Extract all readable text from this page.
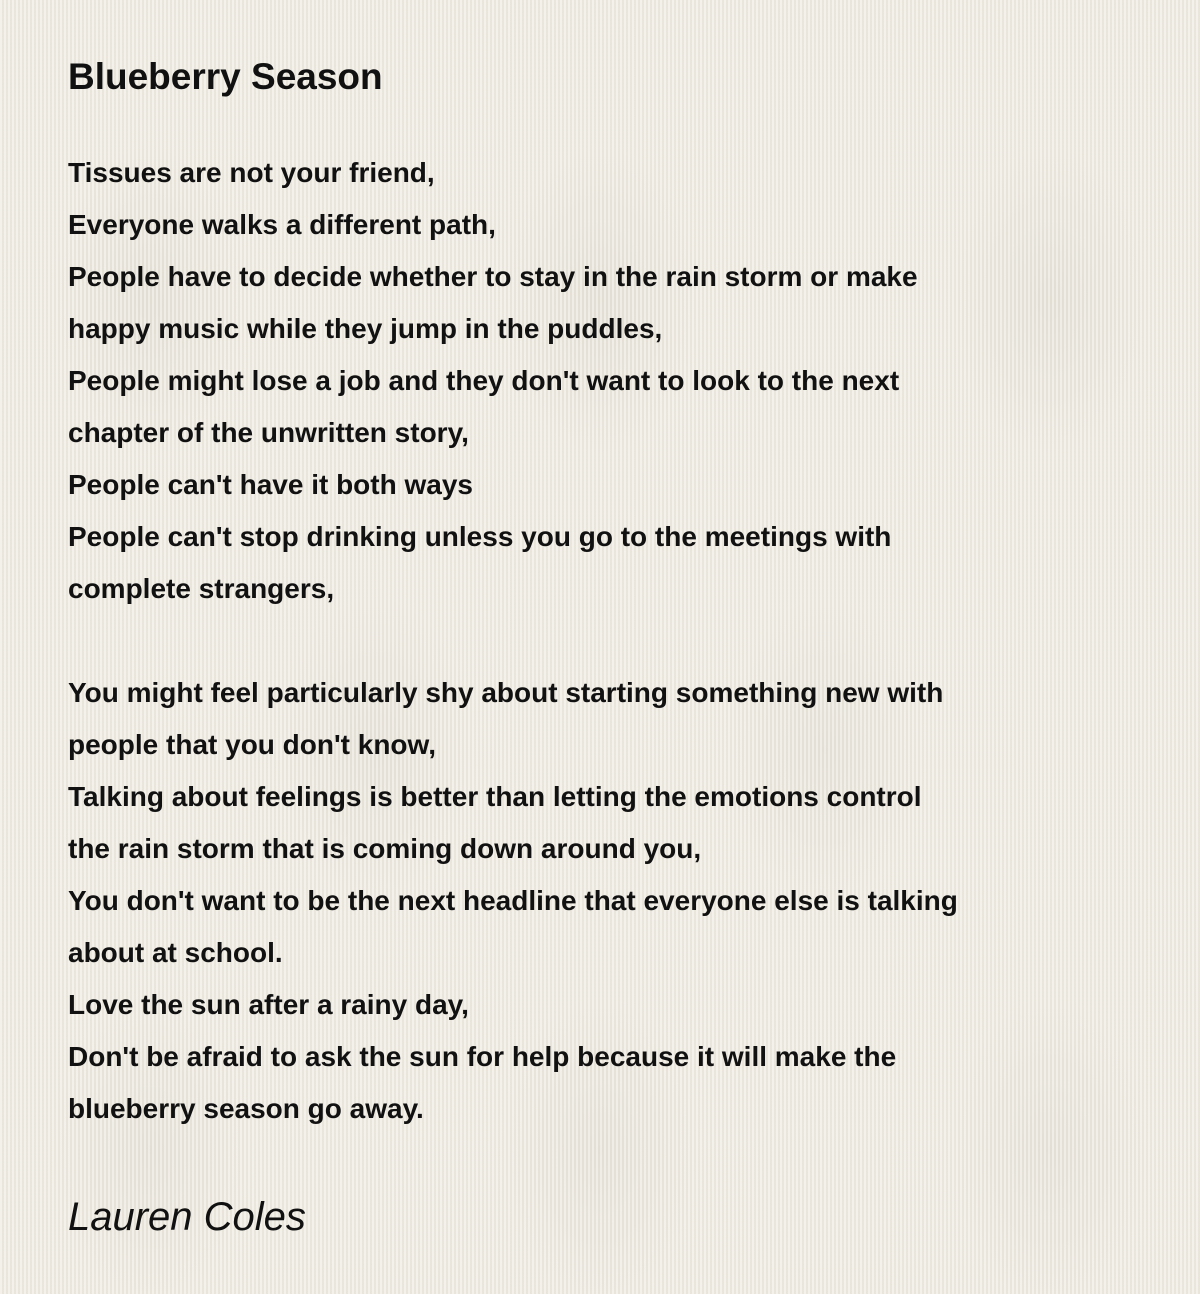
Blueberry Season

Tissues are not your friend,
Everyone walks a different path,
People have to decide whether to stay in the rain storm or make
happy music while they jump in the puddles,
People might lose a job and they don't want to look to the next
chapter of the unwritten story,
People can't have it both ways
People can't stop drinking unless you go to the meetings with
complete strangers,

You might feel particularly shy about starting something new with
people that you don't know,
Talking about feelings is better than letting the emotions control
the rain storm that is coming down around you,
You don't want to be the next headline that everyone else is talking
about at school.
Love the sun after a rainy day,
Don't be afraid to ask the sun for help because it will make the
blueberry season go away.

Lauren Coles
